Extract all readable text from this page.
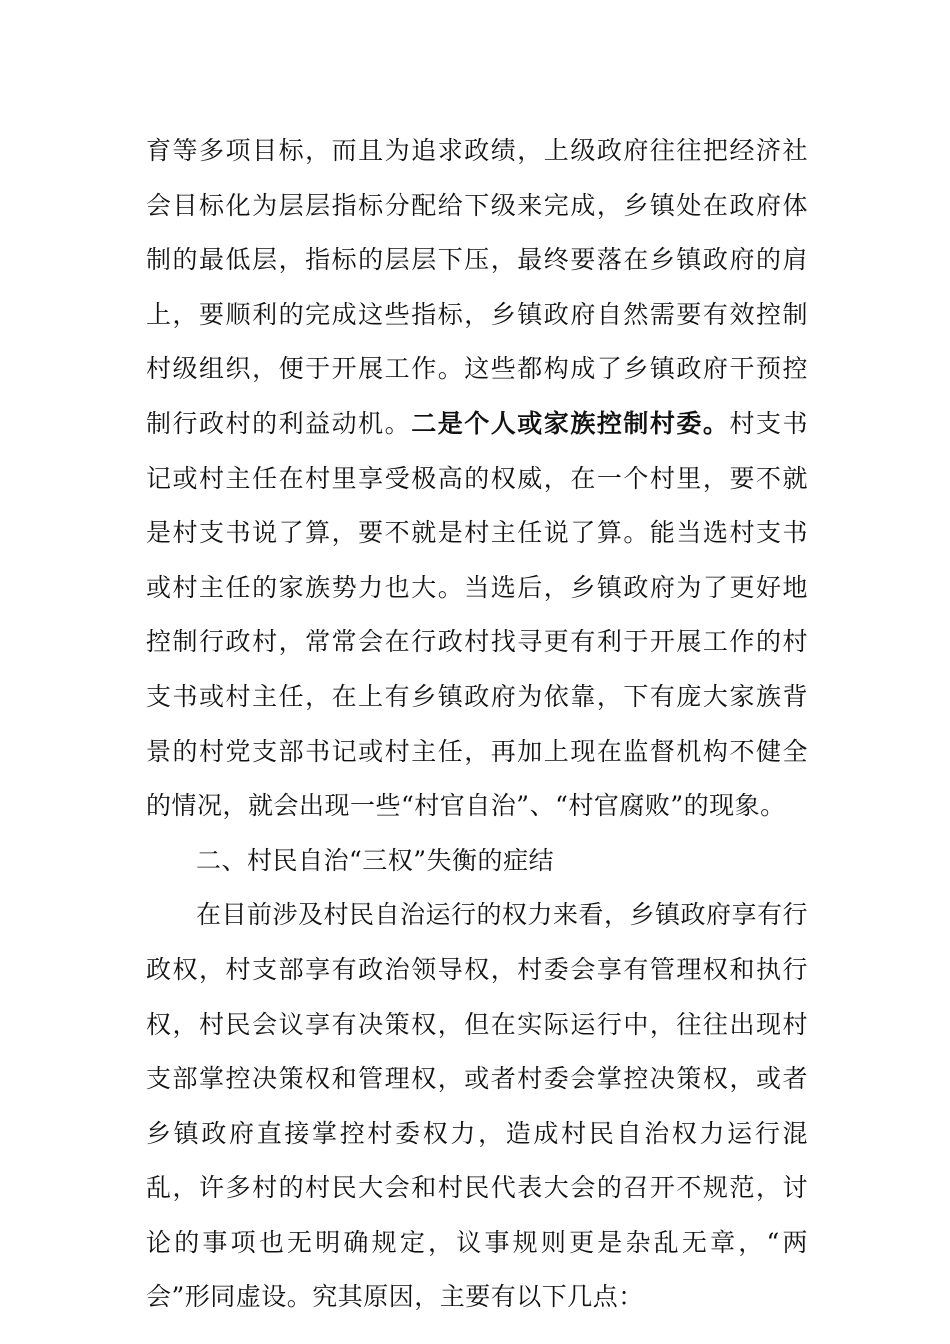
育等多项目标，而且为追求政绩，上级政府往往把经济社会目标化为层层指标分配给下级来完成，乡镇处在政府体制的最低层，指标的层层下压，最终要落在乡镇政府的肩上，要顺利的完成这些指标，乡镇政府自然需要有效控制村级组织，便于开展工作。这些都构成了乡镇政府干预控制行政村的利益动机。二是个人或家族控制村委。村支书记或村主任在村里享受极高的权威，在一个村里，要不就是村支书说了算，要不就是村主任说了算。能当选村支书或村主任的家族势力也大。当选后，乡镇政府为了更好地控制行政村，常常会在行政村找寻更有利于开展工作的村支书或村主任，在上有乡镇政府为依靠，下有庞大家族背景的村党支部书记或村主任，再加上现在监督机构不健全的情况，就会出现一些“村官自治”、“村官腐败”的现象。

二、村民自治“三权”失衡的症结

在目前涉及村民自治运行的权力来看，乡镇政府享有行政权，村支部享有政治领导权，村委会享有管理权和执行权，村民会议享有决策权，但在实际运行中，往往出现村支部掌控决策权和管理权，或者村委会掌控决策权，或者乡镇政府直接掌控村委权力，造成村民自治权力运行混乱，许多村的村民大会和村民代表大会的召开不规范，讨论的事项也无明确规定，议事规则更是杂乱无章，“两会”形同虚设。究其原因，主要有以下几点：
